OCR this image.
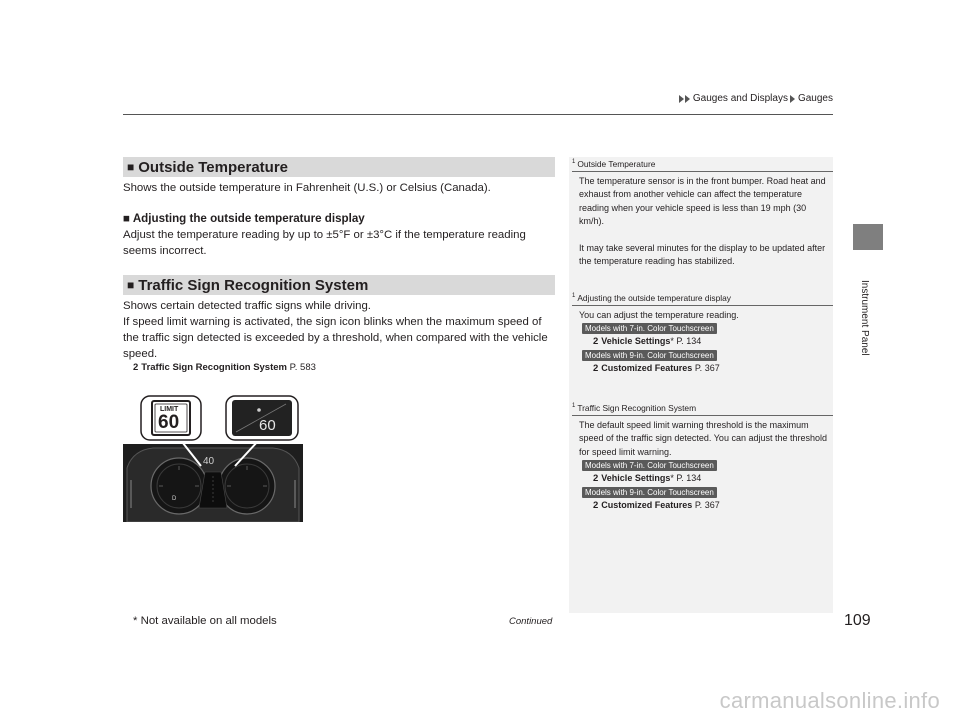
Gauges and Displays Gauges
Instrument Panel
■ Outside Temperature
Shows the outside temperature in Fahrenheit (U.S.) or Celsius (Canada).
■ Adjusting the outside temperature display
Adjust the temperature reading by up to ±5°F or ±3°C if the temperature reading seems incorrect.
■ Traffic Sign Recognition System
Shows certain detected traffic signs while driving.
If speed limit warning is activated, the sign icon blinks when the maximum speed of the traffic sign detected is exceeded by a threshold, when compared with the vehicle speed.
2 Traffic Sign Recognition System P. 583
LIMIT
60	60
40
D
$^1$ Outside Temperature
The temperature sensor is in the front bumper. Road heat and exhaust from another vehicle can affect the temperature reading when your vehicle speed is less than 19 mph (30 km/h).
It may take several minutes for the display to be updated after the temperature reading has stabilized.
$^1$ Adjusting the outside temperature display
You can adjust the temperature reading.
Models with 7-in. Color Touchscreen
2 Vehicle Settings* P. 134
Models with 9-in. Color Touchscreen
2 Customized Features P. 367
$^1$ Traffic Sign Recognition System
The default speed limit warning threshold is the maximum speed of the traffic sign detected. You can adjust the threshold for speed limit warning.
Models with 7-in. Color Touchscreen
2 Vehicle Settings* P. 134
Models with 9-in. Color Touchscreen
2 Customized Features P. 367
* Not available on all models	Continued	109
carmanualsonline.info
